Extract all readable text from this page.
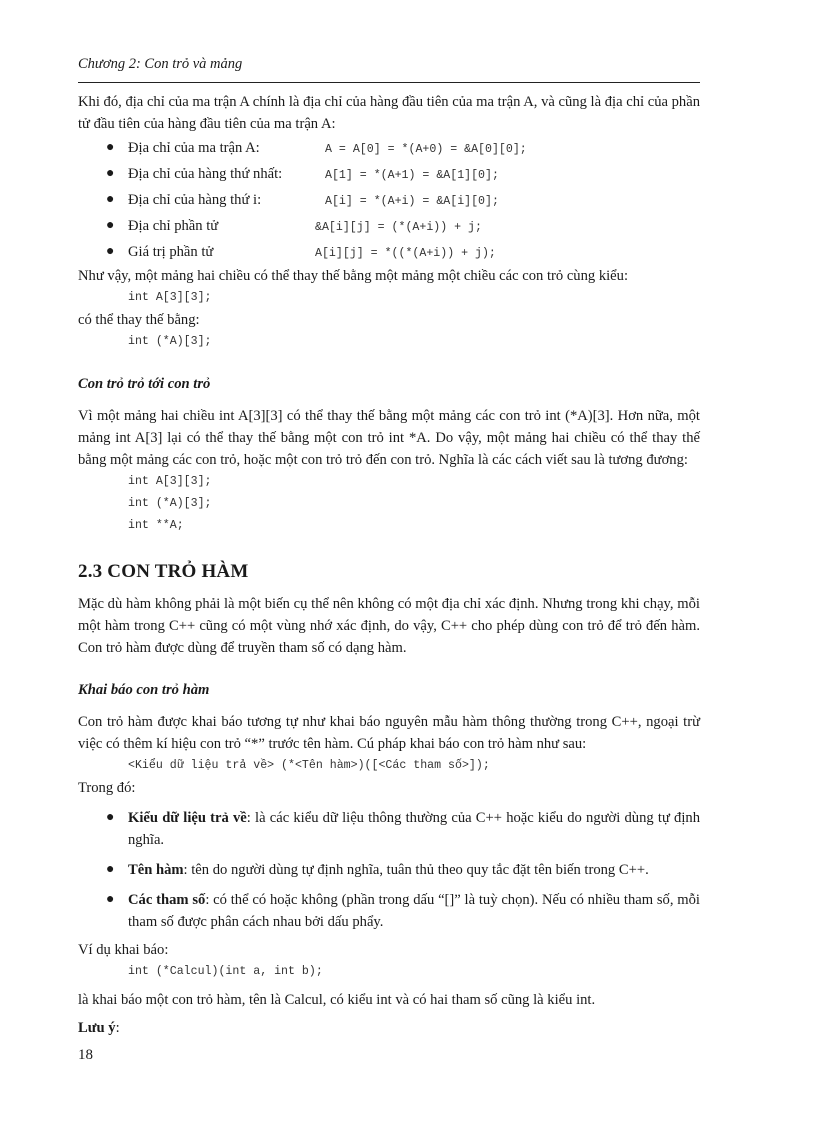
Chương 2: Con trỏ và mảng

Khi đó, địa chỉ của ma trận A chính là địa chỉ của hàng đầu tiên của ma trận A, và cũng là địa chỉ của phần tử đầu tiên của hàng đầu tiên của ma trận A:

● Địa chỉ của ma trận A:	A = A[0] = *(A+0) = &A[0][0];
● Địa chỉ của hàng thứ nhất:	A[1] = *(A+1) = &A[1][0];
● Địa chỉ của hàng thứ i:	A[i] = *(A+i) = &A[i][0];
● Địa chỉ phần tử	&A[i][j] = (*(A+i)) + j;
● Giá trị phần tử	A[i][j] = *((*(A+i)) + j);

Như vậy, một mảng hai chiều có thể thay thế bằng một mảng một chiều các con trỏ cùng kiểu:

int A[3][3];

có thể thay thế bằng:

int (*A)[3];

Con trỏ trỏ tới con trỏ

Vì một mảng hai chiều int A[3][3] có thể thay thế bằng một mảng các con trỏ int (*A)[3]. Hơn nữa, một mảng int A[3] lại có thể thay thế bằng một con trỏ int *A. Do vậy, một mảng hai chiều có thể thay thế bằng một mảng các con trỏ, hoặc một con trỏ trỏ đến con trỏ. Nghĩa là các cách viết sau là tương đương:

int A[3][3];
int (*A)[3];
int **A;

2.3 CON TRỎ HÀM

Mặc dù hàm không phải là một biến cụ thể nên không có một địa chỉ xác định. Nhưng trong khi chạy, mỗi một hàm trong C++ cũng có một vùng nhớ xác định, do vậy, C++ cho phép dùng con trỏ để trỏ đến hàm. Con trỏ hàm được dùng để truyền tham số có dạng hàm.

Khai báo con trỏ hàm

Con trỏ hàm được khai báo tương tự như khai báo nguyên mẫu hàm thông thường trong C++, ngoại trừ việc có thêm kí hiệu con trỏ “*” trước tên hàm. Cú pháp khai báo con trỏ hàm như sau:

<Kiểu dữ liệu trả về> (*<Tên hàm>)([<Các tham số>]);

Trong đó:

● Kiểu dữ liệu trả về: là các kiểu dữ liệu thông thường của C++ hoặc kiểu do người dùng tự định nghĩa.
● Tên hàm: tên do người dùng tự định nghĩa, tuân thủ theo quy tắc đặt tên biến trong C++.
● Các tham số: có thể có hoặc không (phần trong dấu “[]” là tuỳ chọn). Nếu có nhiều tham số, mỗi tham số được phân cách nhau bởi dấu phẩy.

Ví dụ khai báo:

int (*Calcul)(int a, int b);

là khai báo một con trỏ hàm, tên là Calcul, có kiểu int và có hai tham số cũng là kiểu int.

Lưu ý:

18
